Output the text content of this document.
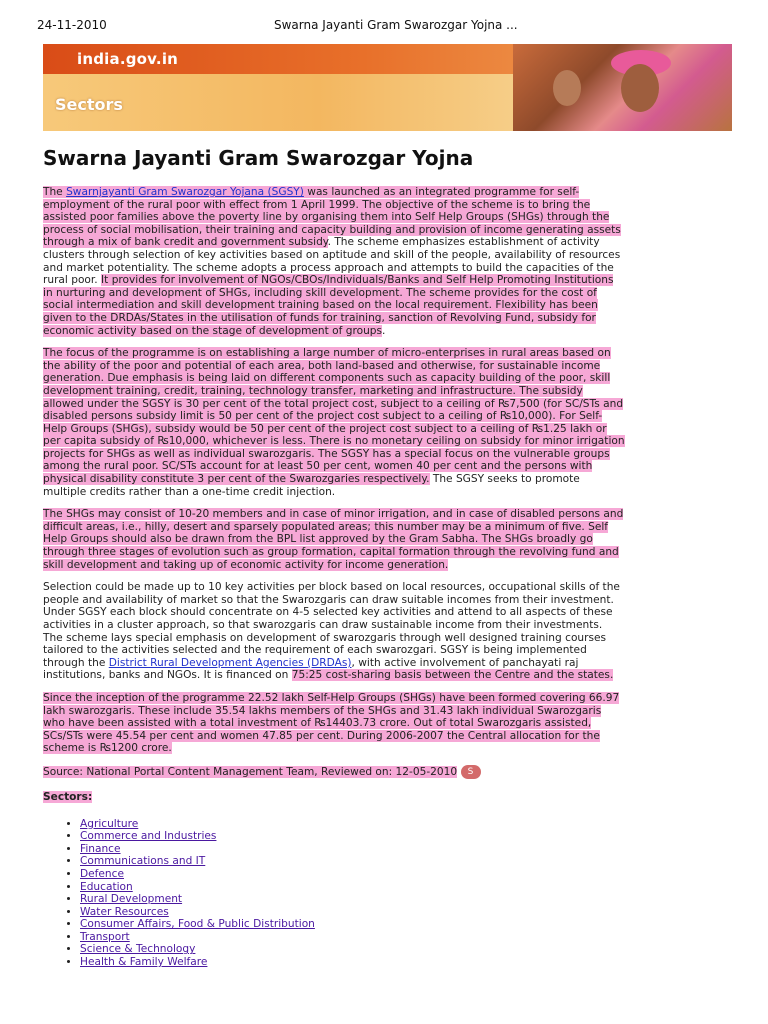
24-11-2010	Swarna Jayanti Gram Swarozgar Yojna ...
india.gov.in
Sectors
Swarna Jayanti Gram Swarozgar Yojna

The Swarnjayanti Gram Swarozgar Yojana (SGSY) was launched as an integrated programme for self-employment of the rural poor with effect from 1 April 1999. The objective of the scheme is to bring the assisted poor families above the poverty line by organising them into Self Help Groups (SHGs) through the process of social mobilisation, their training and capacity building and provision of income generating assets through a mix of bank credit and government subsidy. The scheme emphasizes establishment of activity clusters through selection of key activities based on aptitude and skill of the people, availability of resources and market potentiality. The scheme adopts a process approach and attempts to build the capacities of the rural poor. It provides for involvement of NGOs/CBOs/Individuals/Banks and Self Help Promoting Institutions in nurturing and development of SHGs, including skill development. The scheme provides for the cost of social intermediation and skill development training based on the local requirement. Flexibility has been given to the DRDAs/States in the utilisation of funds for training, sanction of Revolving Fund, subsidy for economic activity based on the stage of development of groups.

The focus of the programme is on establishing a large number of micro-enterprises in rural areas based on the ability of the poor and potential of each area, both land-based and otherwise, for sustainable income generation. Due emphasis is being laid on different components such as capacity building of the poor, skill development training, credit, training, technology transfer, marketing and infrastructure. The subsidy allowed under the SGSY is 30 per cent of the total project cost, subject to a ceiling of ₨7,500 (for SC/STs and disabled persons subsidy limit is 50 per cent of the project cost subject to a ceiling of ₨10,000). For Self-Help Groups (SHGs), subsidy would be 50 per cent of the project cost subject to a ceiling of ₨1.25 lakh or per capita subsidy of ₨10,000, whichever is less. There is no monetary ceiling on subsidy for minor irrigation projects for SHGs as well as individual swarozgaris. The SGSY has a special focus on the vulnerable groups among the rural poor. SC/STs account for at least 50 per cent, women 40 per cent and the persons with physical disability constitute 3 per cent of the Swarozgaries respectively. The SGSY seeks to promote multiple credits rather than a one-time credit injection.

The SHGs may consist of 10-20 members and in case of minor irrigation, and in case of disabled persons and difficult areas, i.e., hilly, desert and sparsely populated areas; this number may be a minimum of five. Self Help Groups should also be drawn from the BPL list approved by the Gram Sabha. The SHGs broadly go through three stages of evolution such as group formation, capital formation through the revolving fund and skill development and taking up of economic activity for income generation.

Selection could be made up to 10 key activities per block based on local resources, occupational skills of the people and availability of market so that the Swarozgaris can draw suitable incomes from their investment. Under SGSY each block should concentrate on 4-5 selected key activities and attend to all aspects of these activities in a cluster approach, so that swarozgaris can draw sustainable income from their investments. The scheme lays special emphasis on development of swarozgaris through well designed training courses tailored to the activities selected and the requirement of each swarozgari. SGSY is being implemented through the District Rural Development Agencies (DRDAs), with active involvement of panchayati raj institutions, banks and NGOs. It is financed on 75:25 cost-sharing basis between the Centre and the states.

Since the inception of the programme 22.52 lakh Self-Help Groups (SHGs) have been formed covering 66.97 lakh swarozgaris. These include 35.54 lakhs members of the SHGs and 31.43 lakh individual Swarozgaris who have been assisted with a total investment of ₨14403.73 crore. Out of total Swarozgaris assisted, SCs/STs were 45.54 per cent and women 47.85 per cent. During 2006-2007 the Central allocation for the scheme is ₨1200 crore.

Source: National Portal Content Management Team, Reviewed on: 12-05-2010 S

Sectors:
• Agriculture
• Commerce and Industries
• Finance
• Communications and IT
• Defence
• Education
• Rural Development
• Water Resources
• Consumer Affairs, Food & Public Distribution
• Transport
• Science & Technology
• Health & Family Welfare
